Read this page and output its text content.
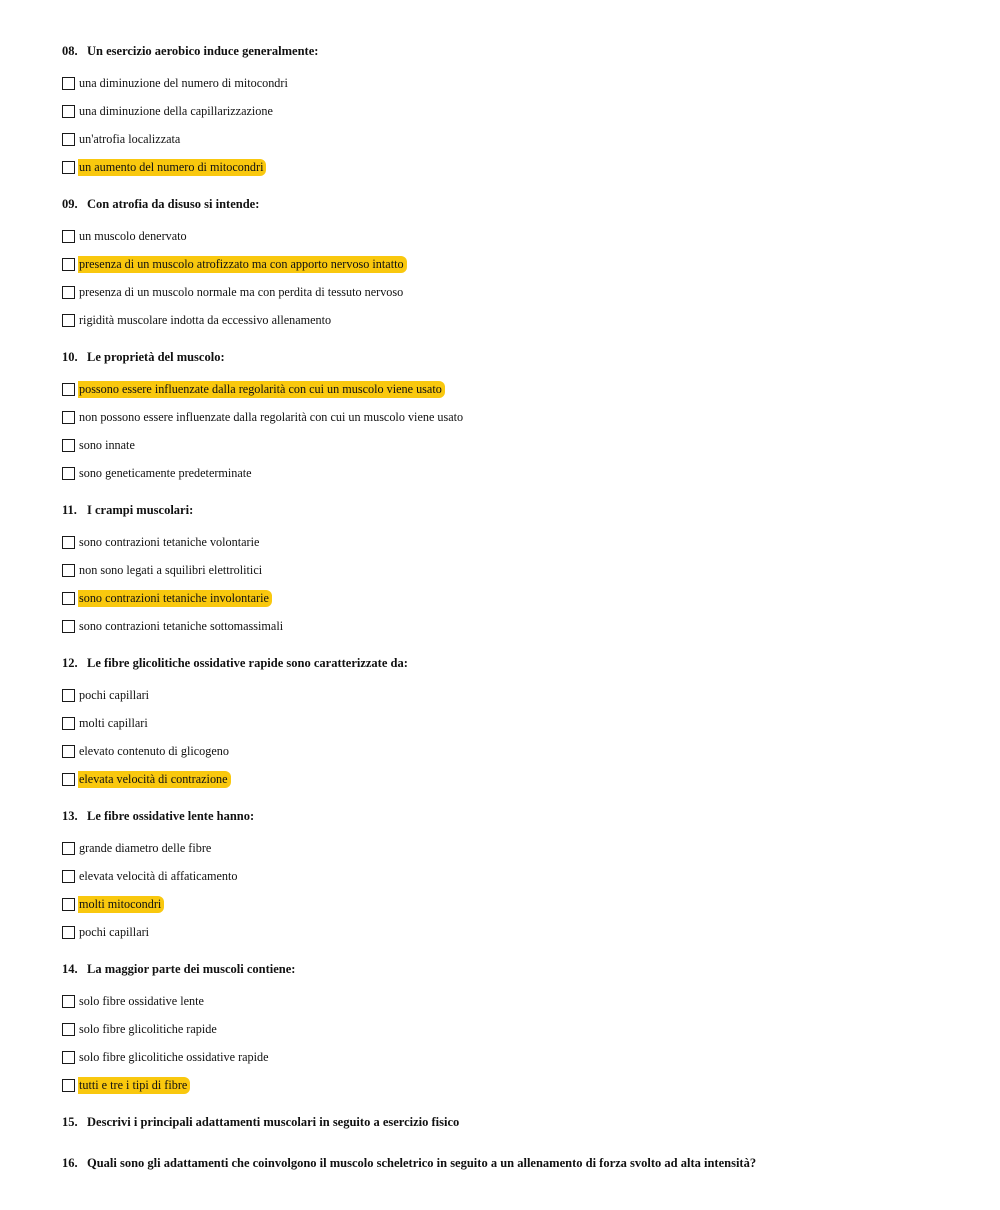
08. Un esercizio aerobico induce generalmente:
una diminuzione del numero di mitocondri
una diminuzione della capillarizzazione
un'atrofia localizzata
un aumento del numero di mitocondri
09. Con atrofia da disuso si intende:
un muscolo denervato
presenza di un muscolo atrofizzato ma con apporto nervoso intatto
presenza di un muscolo normale ma con perdita di tessuto nervoso
rigidità muscolare indotta da eccessivo allenamento
10. Le proprietà del muscolo:
possono essere influenzate dalla regolarità con cui un muscolo viene usato
non possono essere influenzate dalla regolarità con cui un muscolo viene usato
sono innate
sono geneticamente predeterminate
11. I crampi muscolari:
sono contrazioni tetaniche volontarie
non sono legati a squilibri elettrolitici
sono contrazioni tetaniche involontarie
sono contrazioni tetaniche sottomassimali
12. Le fibre glicolitiche ossidative rapide sono caratterizzate da:
pochi capillari
molti capillari
elevato contenuto di glicogeno
elevata velocità di contrazione
13. Le fibre ossidative lente hanno:
grande diametro delle fibre
elevata velocità di affaticamento
molti mitocondri
pochi capillari
14. La maggior parte dei muscoli contiene:
solo fibre ossidative lente
solo fibre glicolitiche rapide
solo fibre glicolitiche ossidative rapide
tutti e tre i tipi di fibre
15. Descrivi i principali adattamenti muscolari in seguito a esercizio fisico
16. Quali sono gli adattamenti che coinvolgono il muscolo scheletrico in seguito a un allenamento di forza svolto ad alta intensità?
